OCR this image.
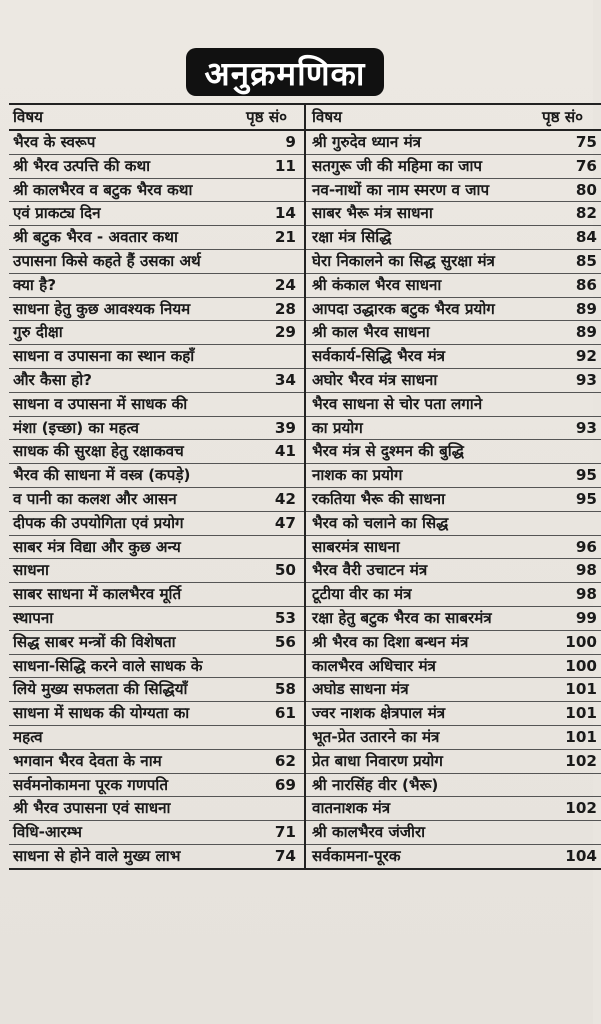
अनुक्रमणिका
विषय	पृष्ठ सं०	विषय	पृष्ठ सं०
भैरव के स्वरूप	9	श्री गुरुदेव ध्यान मंत्र	75
श्री भैरव उत्पत्ति की कथा	11	सतगुरू जी की महिमा का जाप	76
श्री कालभैरव व बटुक भैरव कथा		नव-नाथों का नाम स्मरण व जाप	80
एवं प्राकट्य दिन	14	साबर भैरू मंत्र साधना	82
श्री बटुक भैरव - अवतार कथा	21	रक्षा मंत्र सिद्धि	84
उपासना किसे कहते हैं उसका अर्थ		घेरा निकालने का सिद्ध सुरक्षा मंत्र	85
क्या है?	24	श्री कंकाल भैरव साधना	86
साधना हेतु कुछ आवश्यक नियम	28	आपदा उद्धारक बटुक भैरव प्रयोग	89
गुरु दीक्षा	29	श्री काल भैरव साधना	89
साधना व उपासना का स्थान कहाँ		सर्वकार्य-सिद्धि भैरव मंत्र	92
और कैसा हो?	34	अघोर भैरव मंत्र साधना	93
साधना व उपासना में साधक की		भैरव साधना से चोर पता लगाने	
मंशा (इच्छा) का महत्व	39	का प्रयोग	93
साधक की सुरक्षा हेतु रक्षाकवच	41	भैरव मंत्र से दुश्मन की बुद्धि	
भैरव की साधना में वस्त्र (कपड़े)		नाशक का प्रयोग	95
व पानी का कलश और आसन	42	रकतिया भैरू की साधना	95
दीपक की उपयोगिता एवं प्रयोग	47	भैरव को चलाने का सिद्ध	
साबर मंत्र विद्या और कुछ अन्य		साबरमंत्र साधना	96
साधना	50	भैरव वैरी उचाटन मंत्र	98
साबर साधना में कालभैरव मूर्ति		टूटीया वीर का मंत्र	98
स्थापना	53	रक्षा हेतु बटुक भैरव का साबरमंत्र	99
सिद्ध साबर मन्त्रों की विशेषता	56	श्री भैरव का दिशा बन्धन मंत्र	100
साधना-सिद्धि करने वाले साधक के		कालभैरव अधिचार मंत्र	100
लिये मुख्य सफलता की सिद्धियाँ	58	अघोड साधना मंत्र	101
साधना में साधक की योग्यता का	61	ज्वर नाशक क्षेत्रपाल मंत्र	101
महत्व		भूत-प्रेत उतारने का मंत्र	101
भगवान भैरव देवता के नाम	62	प्रेत बाधा निवारण प्रयोग	102
सर्वमनोकामना पूरक गणपति	69	श्री नारसिंह वीर (भैरू)	
श्री भैरव उपासना एवं साधना		वातनाशक मंत्र	102
विधि-आरम्भ	71	श्री कालभैरव जंजीरा	
साधना से होने वाले मुख्य लाभ	74	सर्वकामना-पूरक	104
